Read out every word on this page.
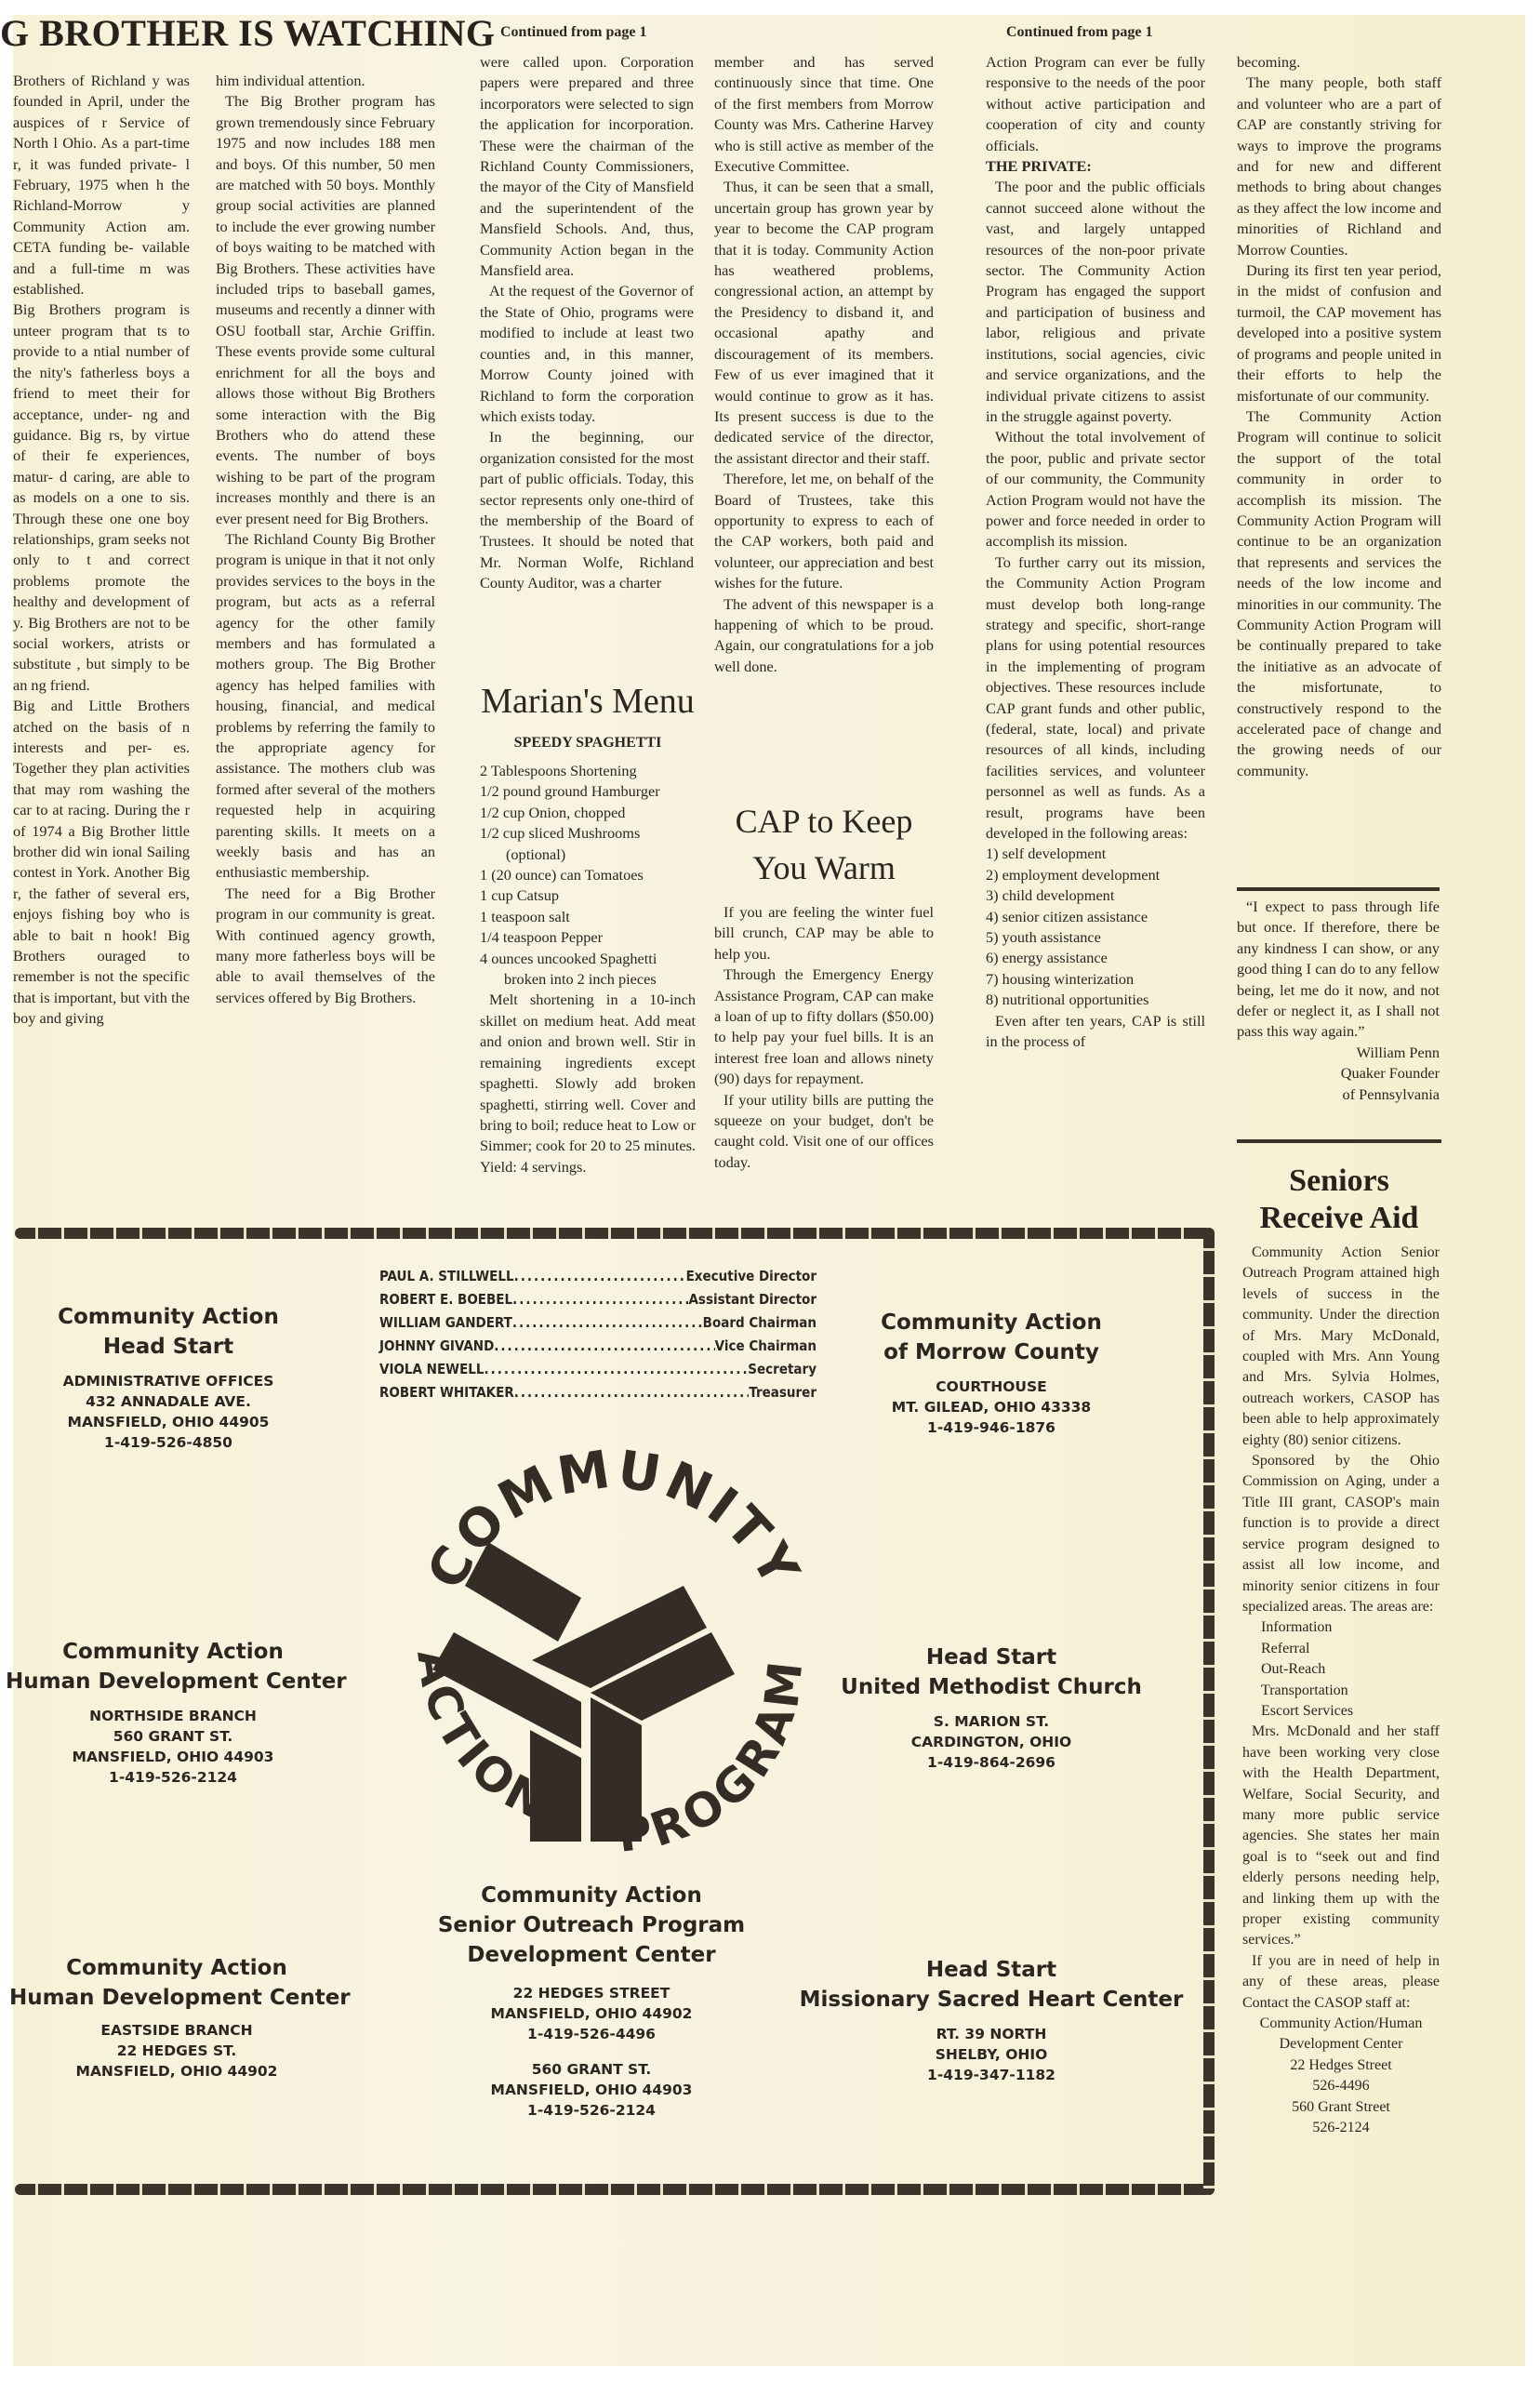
G BROTHER IS WATCHING

Brothers of Richland y was founded in April, under the auspices of r Service of North l Ohio. As a part-time r, it was funded private- l February, 1975 when h the Richland-Morrow y Community Action am. CETA funding be- vailable and a full-time m was established.

Big Brothers program is unteer program that ts to provide to a ntial number of the nity's fatherless boys a friend to meet their for acceptance, under- ng and guidance. Big rs, by virtue of their fe experiences, matur- d caring, are able to as models on a one to sis. Through these one one boy relationships, gram seeks not only to t and correct problems promote the healthy and development of y. Big Brothers are not to be social workers, atrists or substitute , but simply to be an ng friend.

Big and Little Brothers atched on the basis of n interests and per- es. Together they plan activities that may rom washing the car to at racing. During the r of 1974 a Big Brother little brother did win ional Sailing contest in York. Another Big r, the father of several ers, enjoys fishing boy who is able to bait n hook! Big Brothers ouraged to remember is not the specific that is important, but vith the boy and giving

him individual attention.

The Big Brother program has grown tremendously since February 1975 and now includes 188 men and boys. Of this number, 50 men are matched with 50 boys. Monthly group social activities are planned to include the ever growing number of boys waiting to be matched with Big Brothers. These activities have included trips to baseball games, museums and recently a dinner with OSU football star, Archie Griffin. These events provide some cultural enrichment for all the boys and allows those without Big Brothers some interaction with the Big Brothers who do attend these events. The number of boys wishing to be part of the program increases monthly and there is an ever present need for Big Brothers.

The Richland County Big Brother program is unique in that it not only provides services to the boys in the program, but acts as a referral agency for the other family members and has formulated a mothers group. The Big Brother agency has helped families with housing, financial, and medical problems by referring the family to the appropriate agency for assistance. The mothers club was formed after several of the mothers requested help in acquiring parenting skills. It meets on a weekly basis and has an enthusiastic membership.

The need for a Big Brother program in our community is great. With continued agency growth, many more fatherless boys will be able to avail themselves of the services offered by Big Brothers.

Continued from page 1

were called upon. Corporation papers were prepared and three incorporators were selected to sign the application for incorporation. These were the chairman of the Richland County Commissioners, the mayor of the City of Mansfield and the superintendent of the Mansfield Schools. And, thus, Community Action began in the Mansfield area.

At the request of the Governor of the State of Ohio, programs were modified to include at least two counties and, in this manner, Morrow County joined with Richland to form the corporation which exists today.

In the beginning, our organization consisted for the most part of public officials. Today, this sector represents only one-third of the membership of the Board of Trustees. It should be noted that Mr. Norman Wolfe, Richland County Auditor, was a charter

member and has served continuously since that time. One of the first members from Morrow County was Mrs. Catherine Harvey who is still active as member of the Executive Committee.

Thus, it can be seen that a small, uncertain group has grown year by year to become the CAP program that it is today. Community Action has weathered problems, congressional action, an attempt by the Presidency to disband it, and occasional apathy and discouragement of its members. Few of us ever imagined that it would continue to grow as it has. Its present success is due to the dedicated service of the director, the assistant director and their staff.

Therefore, let me, on behalf of the Board of Trustees, take this opportunity to express to each of the CAP workers, both paid and volunteer, our appreciation and best wishes for the future.

The advent of this newspaper is a happening of which to be proud. Again, our congratulations for a job well done.

Marian's Menu
SPEEDY SPAGHETTI
2 Tablespoons Shortening
1/2 pound ground Hamburger
1/2 cup Onion, chopped
1/2 cup sliced Mushrooms
(optional)
1 (20 ounce) can Tomatoes
1 cup Catsup
1 teaspoon salt
1/4 teaspoon Pepper
4 ounces uncooked Spaghetti
broken into 2 inch pieces

Melt shortening in a 10-inch skillet on medium heat. Add meat and onion and brown well. Stir in remaining ingredients except spaghetti. Slowly add broken spaghetti, stirring well. Cover and bring to boil; reduce heat to Low or Simmer; cook for 20 to 25 minutes. Yield: 4 servings.

CAP to Keep
You Warm

If you are feeling the winter fuel bill crunch, CAP may be able to help you.

Through the Emergency Energy Assistance Program, CAP can make a loan of up to fifty dollars ($50.00) to help pay your fuel bills. It is an interest free loan and allows ninety (90) days for repayment.

If your utility bills are putting the squeeze on your budget, don't be caught cold. Visit one of our offices today.

Continued from page 1

Action Program can ever be fully responsive to the needs of the poor without active participation and cooperation of city and county officials.

THE PRIVATE:

The poor and the public officials cannot succeed alone without the vast, and largely untapped resources of the non-poor private sector. The Community Action Program has engaged the support and participation of business and labor, religious and private institutions, social agencies, civic and service organizations, and the individual private citizens to assist in the struggle against poverty.

Without the total involvement of the poor, public and private sector of our community, the Community Action Program would not have the power and force needed in order to accomplish its mission.

To further carry out its mission, the Community Action Program must develop both long-range strategy and specific, short-range plans for using potential resources in the implementing of program objectives. These resources include CAP grant funds and other public, (federal, state, local) and private resources of all kinds, including facilities services, and volunteer personnel as well as funds. As a result, programs have been developed in the following areas:

1) self development
2) employment development
3) child development
4) senior citizen assistance
5) youth assistance
6) energy assistance
7) housing winterization
8) nutritional opportunities

Even after ten years, CAP is still in the process of

becoming.

The many people, both staff and volunteer who are a part of CAP are constantly striving for ways to improve the programs and for new and different methods to bring about changes as they affect the low income and minorities of Richland and Morrow Counties.

During its first ten year period, in the midst of confusion and turmoil, the CAP movement has developed into a positive system of programs and people united in their efforts to help the misfortunate of our community.

The Community Action Program will continue to solicit the support of the total community in order to accomplish its mission. The Community Action Program will continue to be an organization that represents and services the needs of the low income and minorities in our community. The Community Action Program will be continually prepared to take the initiative as an advocate of the misfortunate, to constructively respond to the accelerated pace of change and the growing needs of our community.

“I expect to pass through life but once. If therefore, there be any kindness I can show, or any good thing I can do to any fellow being, let me do it now, and not defer or neglect it, as I shall not pass this way again.”

William Penn
Quaker Founder
of Pennsylvania
Seniors
Receive Aid

Community Action Senior Outreach Program attained high levels of success in the community. Under the direction of Mrs. Mary McDonald, coupled with Mrs. Ann Young and Mrs. Sylvia Holmes, outreach workers, CASOP has been able to help approximately eighty (80) senior citizens.

Sponsored by the Ohio Commission on Aging, under a Title III grant, CASOP's main function is to provide a direct service program designed to assist all low income, and minority senior citizens in four specialized areas. The areas are:

Information
Referral
Out-Reach
Transportation
Escort Services

Mrs. McDonald and her staff have been working very close with the Health Department, Welfare, Social Security, and many more public service agencies. She states her main goal is to “seek out and find elderly persons needing help, and linking them up with the proper existing community services.”

If you are in need of help in any of these areas, please Contact the CASOP staff at:

Community Action/Human
Development Center
22 Hedges Street
526-4496
560 Grant Street
526-2124
PAUL A. STILLWELL .....	Executive Director
ROBERT E. BOEBEL .....	Assistant Director
WILLIAM GANDERT .....	Board Chairman
JOHNNY GIVAND .....	Vice Chairman
VIOLA NEWELL .....	Secretary
ROBERT WHITAKER .....	Treasurer
COMMUNITY
ACTION
PROGRAM
Community Action
Head Start
ADMINISTRATIVE OFFICES
432 ANNADALE AVE.
MANSFIELD, OHIO 44905
1-419-526-4850
Community Action
of Morrow County
COURTHOUSE
MT. GILEAD, OHIO 43338
1-419-946-1876
Community Action
Human Development Center
NORTHSIDE BRANCH
560 GRANT ST.
MANSFIELD, OHIO 44903
1-419-526-2124
Head Start
United Methodist Church
S. MARION ST.
CARDINGTON, OHIO
1-419-864-2696
Community Action
Human Development Center
EASTSIDE BRANCH
22 HEDGES ST.
MANSFIELD, OHIO 44902
Community Action
Senior Outreach Program
Development Center
22 HEDGES STREET
MANSFIELD, OHIO 44902
1-419-526-4496
560 GRANT ST.
MANSFIELD, OHIO 44903
1-419-526-2124
Head Start
Missionary Sacred Heart Center
RT. 39 NORTH
SHELBY, OHIO
1-419-347-1182
